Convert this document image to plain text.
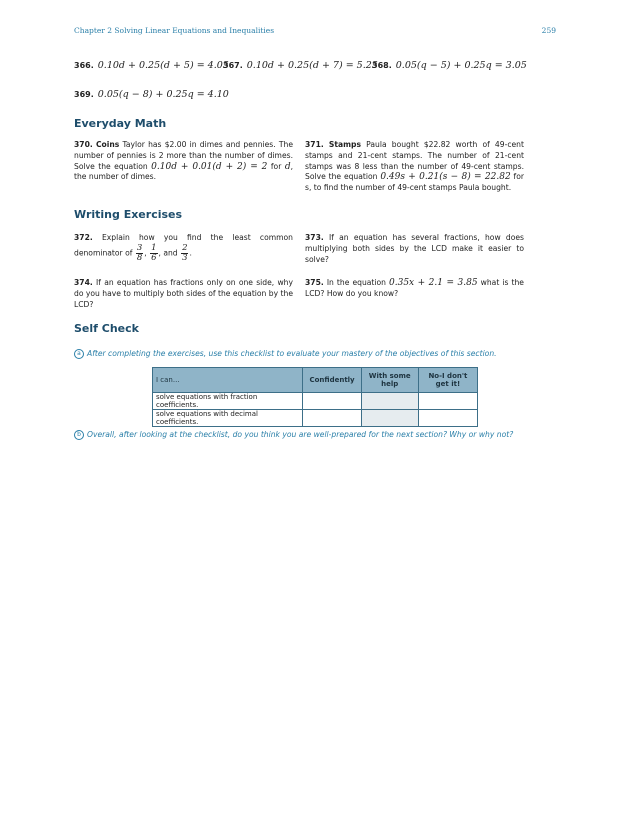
Chapter 2 Solving Linear Equations and Inequalities	259
366. 0.10d + 0.25(d + 5) = 4.05
367. 0.10d + 0.25(d + 7) = 5.25
368. 0.05(q − 5) + 0.25q = 3.05
369. 0.05(q − 8) + 0.25q = 4.10
Everyday Math
370. Coins Taylor has $2.00 in dimes and pennies. The number of pennies is 2 more than the number of dimes. Solve the equation 0.10d + 0.01(d + 2) = 2 for d, the number of dimes.
371. Stamps Paula bought $22.82 worth of 49-cent stamps and 21-cent stamps. The number of 21-cent stamps was 8 less than the number of 49-cent stamps. Solve the equation 0.49s + 0.21(s − 8) = 22.82 for s, to find the number of 49-cent stamps Paula bought.
Writing Exercises
372. Explain how you find the least common denominator of $\frac{3}{8}$ , $\frac{1}{6}$ , and $\frac{2}{3}$ .
373. If an equation has several fractions, how does multiplying both sides by the LCD make it easier to solve?
374. If an equation has fractions only on one side, why do you have to multiply both sides of the equation by the LCD?
375. In the equation 0.35x + 2.1 = 3.85 what is the LCD? How do you know?
Self Check
a After completing the exercises, use this checklist to evaluate your mastery of the objectives of this section.
I can...	Confidently	With some help	No-I don't get it!
solve equations with fraction coefficients.			
solve equations with decimal coefficients.			
b Overall, after looking at the checklist, do you think you are well-prepared for the next section? Why or why not?
